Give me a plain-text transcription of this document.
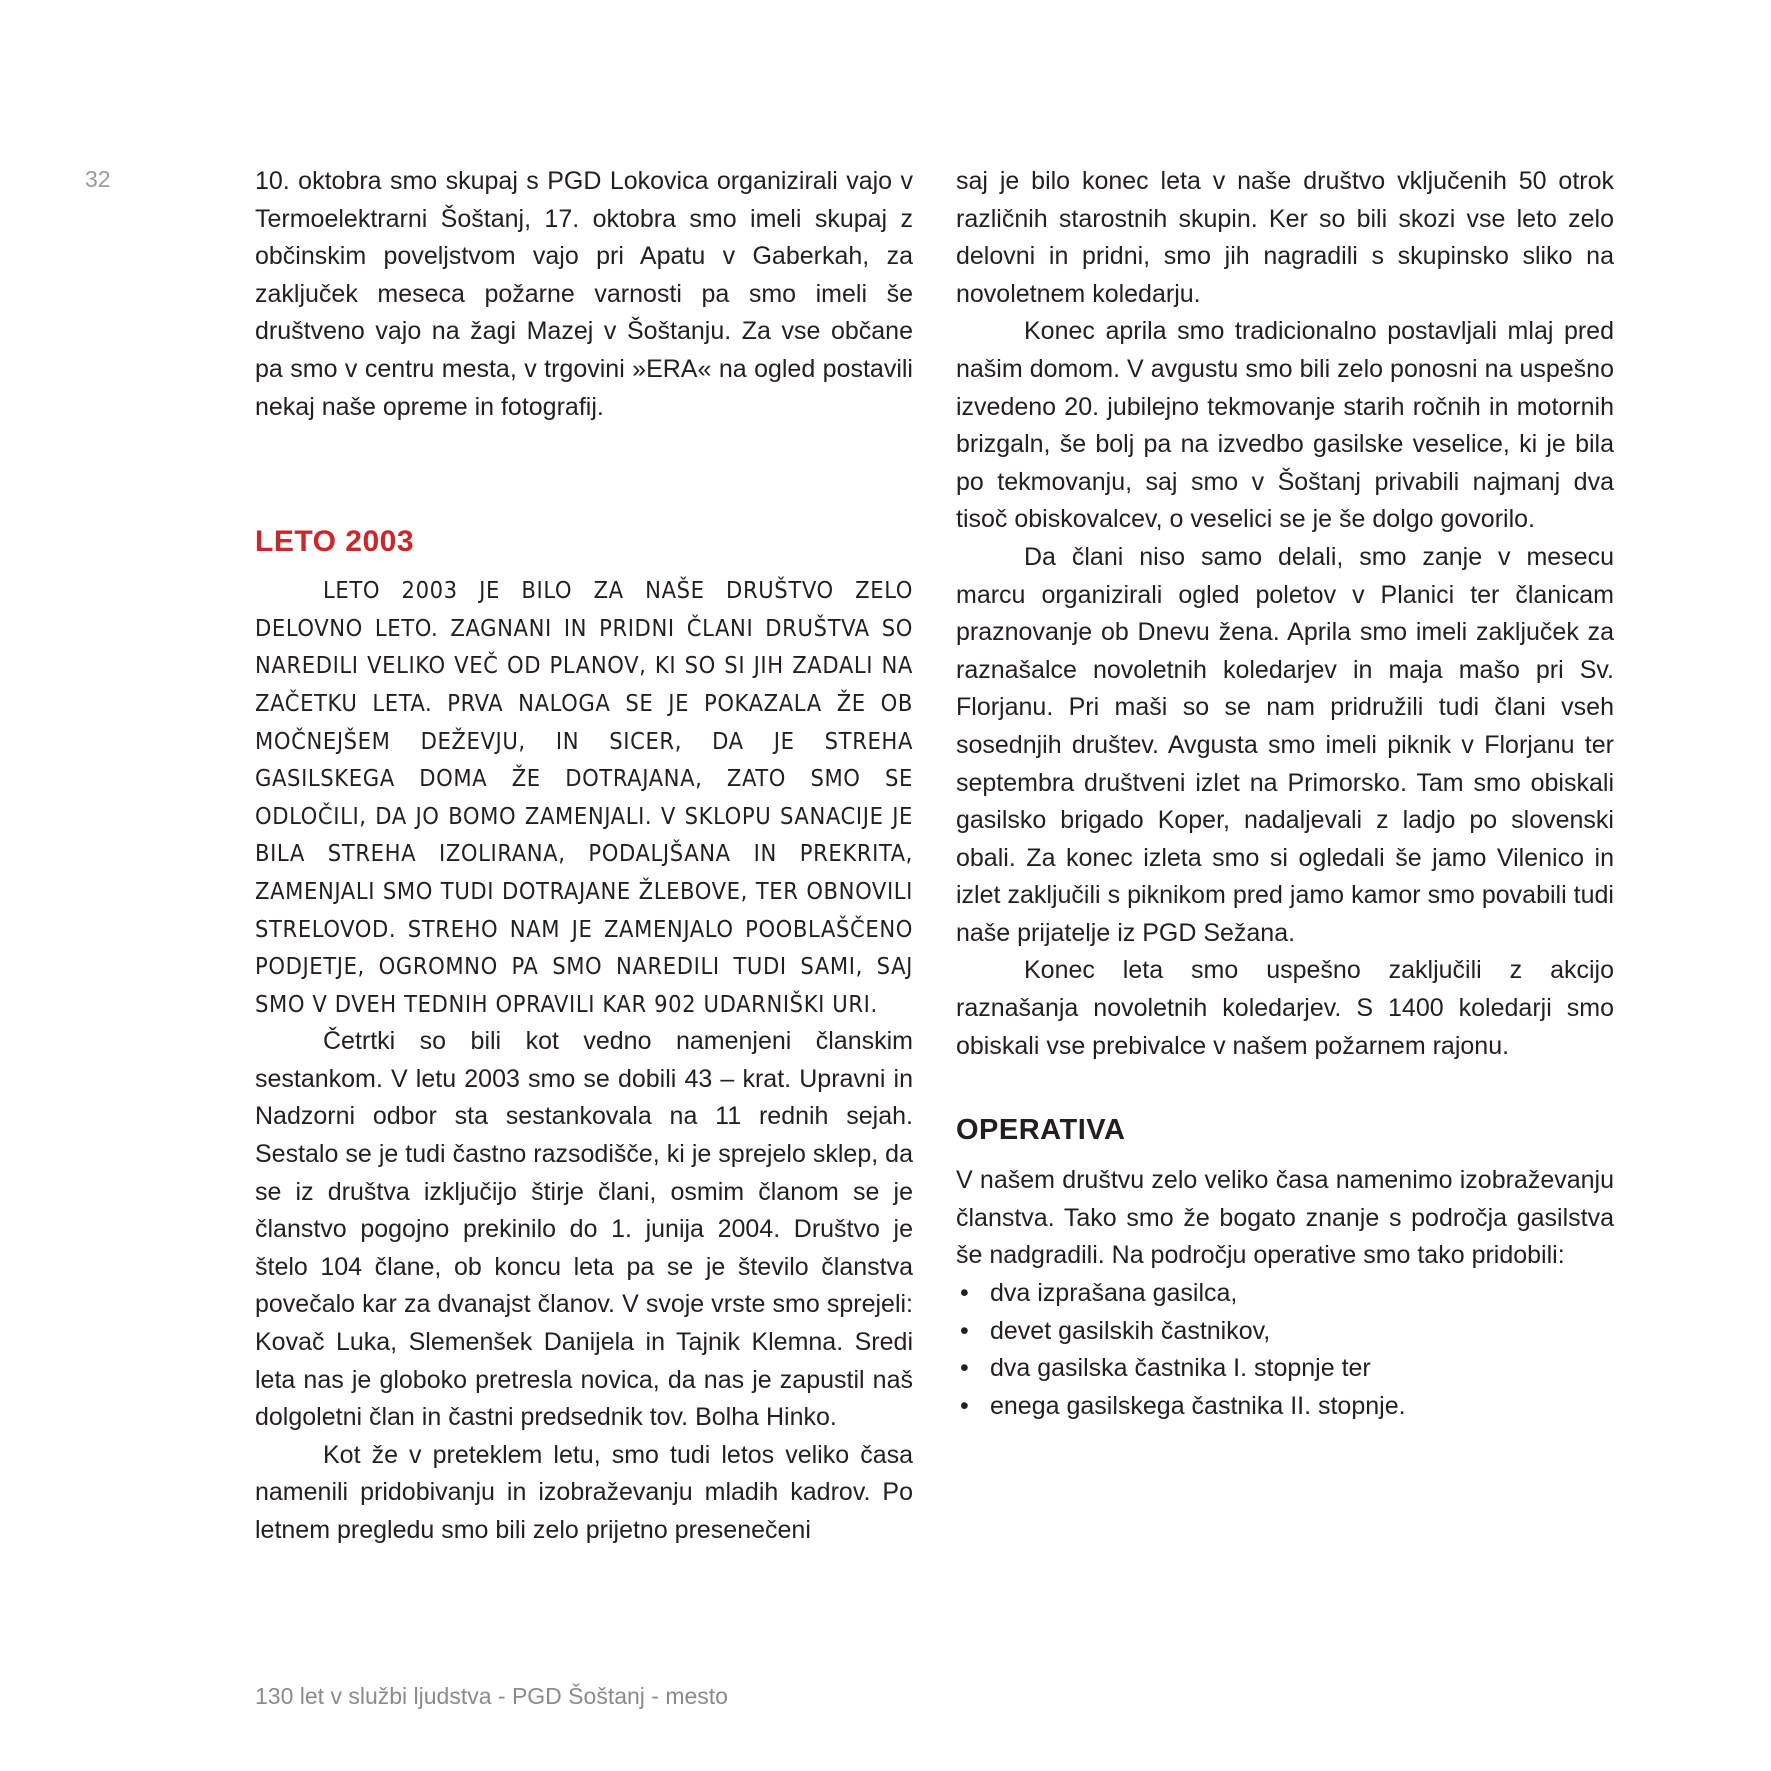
32	10. oktobra smo skupaj s PGD Lokovica organizirali vajo v Termoelektrarni Šoštanj, 17. oktobra smo imeli skupaj z občinskim poveljstvom vajo pri Apatu v Gaberkah, za zaključek meseca požarne varnosti pa smo imeli še društveno vajo na žagi Mazej v Šoštanju. Za vse občane pa smo v centru mesta, v trgovini »ERA« na ogled postavili nekaj naše opreme in fotografij.

LETO 2003

LETO 2003 JE BILO ZA NAŠE DRUŠTVO ZELO DELOVNO LETO. ZAGNANI IN PRIDNI ČLANI DRUŠTVA SO NAREDILI VELIKO VEČ OD PLANOV, KI SO SI JIH ZADALI NA ZAČETKU LETA. PRVA NALOGA SE JE POKAZALA ŽE OB MOČNEJŠEM DEŽEVJU, IN SICER, DA JE STREHA GASILSKEGA DOMA ŽE DOTRAJANA, ZATO SMO SE ODLOČILI, DA JO BOMO ZAMENJALI. V SKLOPU SANACIJE JE BILA STREHA IZOLIRANA, PODALJŠANA IN PREKRITA, ZAMENJALI SMO TUDI DOTRAJANE ŽLEBOVE, TER OBNOVILI STRELOVOD. STREHO NAM JE ZAMENJALO POOBLAŠČENO PODJETJE, OGROMNO PA SMO NAREDILI TUDI SAMI, SAJ SMO V DVEH TEDNIH OPRAVILI KAR 902 UDARNIŠKI URI.

Četrtki so bili kot vedno namenjeni članskim sestankom. V letu 2003 smo se dobili 43 – krat. Upravni in Nadzorni odbor sta sestankovala na 11 rednih sejah. Sestalo se je tudi častno razsodišče, ki je sprejelo sklep, da se iz društva izključijo štirje člani, osmim članom se je članstvo pogojno prekinilo do 1. junija 2004. Društvo je štelo 104 člane, ob koncu leta pa se je število članstva povečalo kar za dvanajst članov. V svoje vrste smo sprejeli: Kovač Luka, Slemenšek Danijela in Tajnik Klemna. Sredi leta nas je globoko pretresla novica, da nas je zapustil naš dolgoletni član in častni predsednik tov. Bolha Hinko.

Kot že v preteklem letu, smo tudi letos veliko časa namenili pridobivanju in izobraževanju mladih kadrov. Po letnem pregledu smo bili zelo prijetno presenečeni

saj je bilo konec leta v naše društvo vključenih 50 otrok različnih starostnih skupin. Ker so bili skozi vse leto zelo delovni in pridni, smo jih nagradili s skupinsko sliko na novoletnem koledarju.

Konec aprila smo tradicionalno postavljali mlaj pred našim domom. V avgustu smo bili zelo ponosni na uspešno izvedeno 20. jubilejno tekmovanje starih ročnih in motornih brizgaln, še bolj pa na izvedbo gasilske veselice, ki je bila po tekmovanju, saj smo v Šoštanj privabili najmanj dva tisoč obiskovalcev, o veselici se je še dolgo govorilo.

Da člani niso samo delali, smo zanje v mesecu marcu organizirali ogled poletov v Planici ter članicam praznovanje ob Dnevu žena. Aprila smo imeli zaključek za raznašalce novoletnih koledarjev in maja mašo pri Sv. Florjanu. Pri maši so se nam pridružili tudi člani vseh sosednjih društev. Avgusta smo imeli piknik v Florjanu ter septembra društveni izlet na Primorsko. Tam smo obiskali gasilsko brigado Koper, nadaljevali z ladjo po slovenski obali. Za konec izleta smo si ogledali še jamo Vilenico in izlet zaključili s piknikom pred jamo kamor smo povabili tudi naše prijatelje iz PGD Sežana.

Konec leta smo uspešno zaključili z akcijo raznašanja novoletnih koledarjev. S 1400 koledarji smo obiskali vse prebivalce v našem požarnem rajonu.

OPERATIVA

V našem društvu zelo veliko časa namenimo izobraževanju članstva. Tako smo že bogato znanje s področja gasilstva še nadgradili. Na področju operative smo tako pridobili:

• dva izprašana gasilca,
• devet gasilskih častnikov,
• dva gasilska častnika I. stopnje ter
• enega gasilskega častnika II. stopnje.
130 let v službi ljudstva - PGD Šoštanj - mesto
